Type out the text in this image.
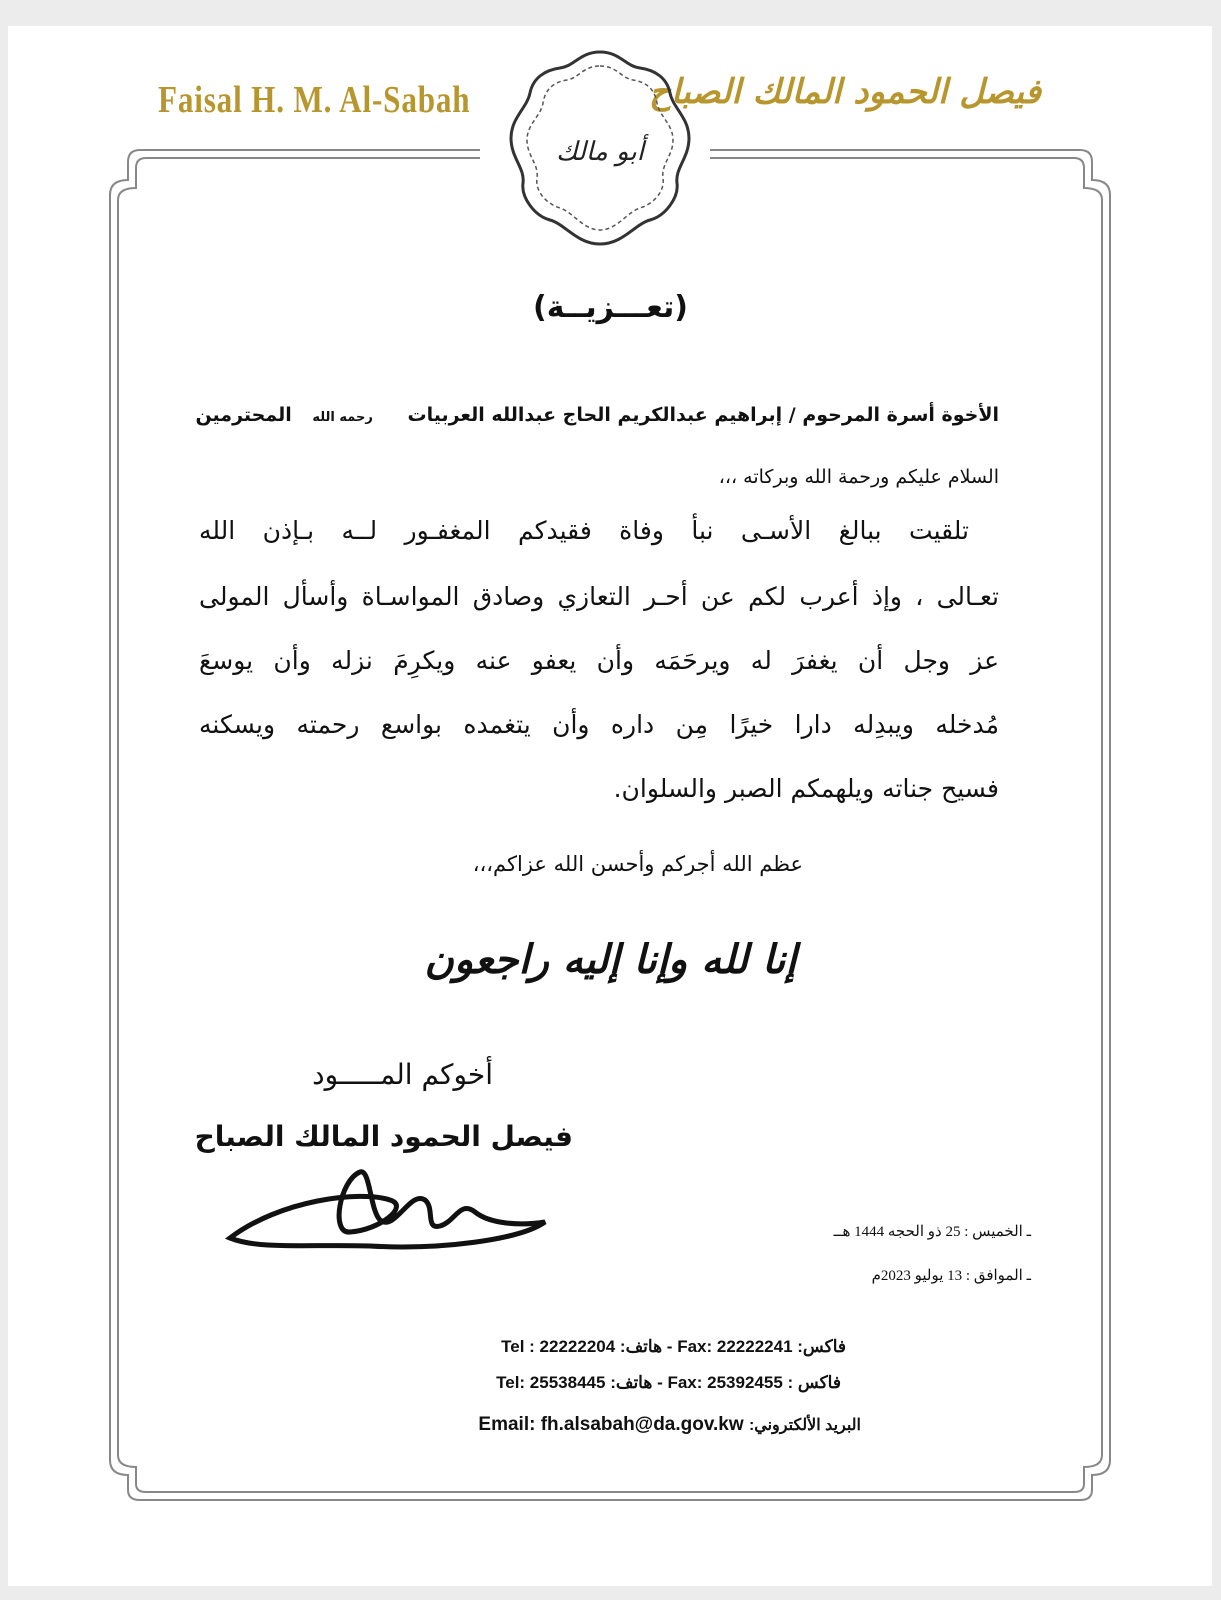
Faisal H. M. Al-Sabah	فيصل الحمود المالك الصباح
أبو مالك
(تعـــزيــة)
الأخوة أسرة المرحوم / إبراهيم عبدالكريم الحاج عبدالله العربيات رحمه الله المحترمين
السلام عليكم ورحمة الله وبركاته ،،،
تلقيت ببالغ الأسـى نبأ وفاة فقيدكم المغفـور لــه بـإذن الله
تعـالى ، وإذ أعرب لكم عن أحـر التعازي وصادق المواسـاة وأسأل المولى
عز وجل أن يغفرَ له ويرحَمَه وأن يعفو عنه ويكرِمَ نزله وأن يوسعَ
مُدخله ويبدِله دارا خيرًا مِن داره وأن يتغمده بواسع رحمته ويسكنه
فسيح جناته ويلهمكم الصبر والسلوان.
عظم الله أجركم وأحسن الله عزاكم،،،
إنا لله وإنا إليه راجعون
أخوكم المـــــود
فيصل الحمود المالك الصباح
ـ الخميس : 25 ذو الحجه 1444 هــ
ـ الموافق : 13 يوليو 2023م
فاكس: Fax: 22222241 - هاتف: Tel : 22222204
فاكس : Fax: 25392455 - هاتف: Tel: 25538445
البريد الألكتروني: Email: fh.alsabah@da.gov.kw
